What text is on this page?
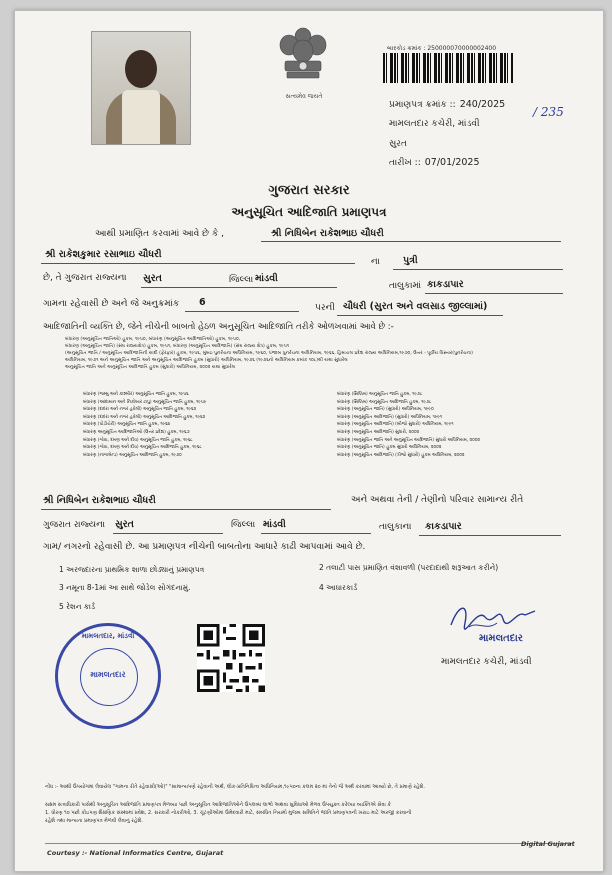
સત્યમેવ જયતે
બારકોડ ક્રમાંક : 250000070000002400
પ્રમાણપત્ર ક્રમાંક :: 240/2025
/ 235
મામલતદાર કચેરી, માંડવી
સુરત
તારીખ :: 07/01/2025
ગુજરાત સરકાર
અનુસૂચિત આદિજાતિ પ્રમાણપત્ર
આથી પ્રમાણિત કરવામાં આવે છે કે ,	શ્રી નિધિબેન રાકેશભાઇ ચૌધરી
શ્રી રાકેશકુમાર રસાભાઇ ચૌધરી
ના પુત્રી
છે, તે ગુજરાત રાજ્યના સુરત	જિલ્લા માંડવી
તાલુકામાં કાકડાપાર
ગામના રહેવાસી છે અને જે અનુક્રમાંક 6	પરની ચૌધરી (સુરત અને વલસાડ જીલ્લામાં)
આદિજાતિની વ્યક્તિ છે, જેને નીચેની બાબતો હેઠળ અનુસૂચિત આદિજાતિ તરીકે ઓળખવામાં આવે છે :-
બંધારણ (અનુસૂચિત જાતિઓ) હુકમ, ૧૯૫૦, બંધારણ (અનુસૂચિત આદિજાતિઓ) હુકમ, ૧૯૫૦,
બંધારણ (અનુસૂચિત જાતિ) (સંઘ રાજ્યક્ષેત્ર) હુકમ, ૧૯૫૧, બંધારણ (અનુસૂચિત આદિજાતિ) (સંઘ રાજ્ય ક્ષેત્ર) હુકમ, ૧૯૫૧
(અનુસૂચિત જાતિ / અનુસૂચિત આદિજાતિની યાદી (ફેરફાર) હુકમ, ૧૯૫૬, મુંબઇ પુનર્રચના અધિનિયમ, ૧૯૬૦, પંજાબ પુનર્રચના અધિનિયમ, ૧૯૬૬, હિમાચલ પ્રદેશ રાજ્ય અધિનિયમ,૧૯૭૦, ઉત્તર - પૂર્વીય વિસ્તાર(પુનર્રચના)
અધિનિયમ, ૧૯૭૧ અને અનુસૂચિત જાતિ અને અનુસૂચિત આદિજાતિ હુકમ (સુધારો) અધિનિયમ, ૧૯૭૬ (૧૯૭૬નો અધિનિયમ ક્રમાંક ૧૦૮)થી યથા સુધારેલ
અનુસૂચિત જાતિ અને અનુસૂચિત આદિજાતિ હુકમ (સુધારો) અધિનિયમ, ૨૦૦૨ યથા સુધારેલ
બંધારણ (જમ્મુ અને કાશ્મીર) અનુસૂચિત જાતિ હુકમ, ૧૯૫૬
બંધારણ (આંદામાન અને નિકોબાર ટાપુ) અનુસૂચિત જાતિ હુકમ, ૧૯૫૯
બંધારણ (દાદરા અને નગર હવેલી) અનુસૂચિત જાતિ હુકમ, ૧૯૬૨
બંધારણ (દાદરા અને નગર હવેલી) અનુસૂચિત આદિજાતિ હુકમ, ૧૯૬૨
બંધારણ (પોંડીચેરી) અનુસૂચિત જાતિ હુકમ, ૧૯૬૪
બંધારણ અનુસૂચિત આદિજાતિઓ (ઉત્તર પ્રદેશ) હુકમ, ૧૯૬૭
બંધારણ (ગોવા, દમણ અને દીવ) અનુસૂચિત જાતિ હુકમ, ૧૯૬૮
બંધારણ (ગોવા, દમણ અને દીવ) અનુસૂચિત આદિજાતિ હુકમ, ૧૯૬૮
બંધારણ (નાગાલેન્ડ) અનુસૂચિત આદિજાતિ હુકમ, ૧૯૭૦
બંધારણ (સિક્કિમ) અનુસૂચિત જાતિ હુકમ, ૧૯૭૮
બંધારણ (સિક્કિમ) અનુસૂચિત આદિજાતિ હુકમ, ૧૯૭૮
બંધારણ (અનુસૂચિત જાતિ) (સુધારો) અધિનિયમ, ૧૯૯૦
બંધારણ (અનુસૂચિત આદિજાતિ) (સુધારો) અધિનિયમ, ૧૯૯૧
બંધારણ (અનુસૂચિત આદિજાતિ) (બીજો સુધારો) અધિનિયમ, ૧૯૯૧
બંધારણ (અનુસૂચિત આદિજાતિ) સુધારો, ૨૦૦૨
બંધારણ (અનુસૂચિત જાતિ અને અનુસૂચિત આદિજાતિ) સુધારો અધિનિયમ, ૨૦૦૨
બંધારણ (અનુસૂચિત જાતિ) હુકમ સુધારો અધિનિયમ, ૨૦૦૨
બંધારણ (અનુસૂચિત આદિજાતિ) (ત્રીજો સુધારો) હુકમ અધિનિયમ, ૨૦૦૨
શ્રી નિધિબેન રાકેશભાઇ ચૌધરી	અને અથવા તેની / તેણીનો પરિવાર સામાન્ય રીતે
ગુજરાત રાજ્યના સુરત	જિલ્લા માંડવી	તાલુકાના કાકડાપાર
ગામ/ નગરનો રહેવાસી છે. આ પ્રમાણપત્ર નીચેની બાબતોના આધારે કાઢી આપવામાં આવે છે.
1 અરજદારના પ્રાથમિક શાળા છોડ્યાનું પ્રમાણપત્ર	2 તલાટી પાસ પ્રમાણિત વંશાવળી (પરદાદાથી શરૂઆત કરીને)
3 નમૂના 8-1માં આ સાથે જોડેલ સોગંદનામું.	4 આધારકાર્ડ
5 રેશન કાર્ડ
મામલતદાર, માંડવી
મામલતદાર
મામલતદાર
મામલતદાર કચેરી, માંડવી
નોંધ :- આથી ઉપયોગમાં લેવાયેલ "ગામના રીતે રહેવાસી(ઓ)" "સામાન્યપણે રહેવાની અર્થ, લોક-પ્રતિનિધિત્વ અધિનિયમ,૧૯૫૦ના કલમ ૨૦ માં તેનો જે અર્થ કરવામાં આવ્યો છે, તે પ્રમાણે રહેશે.
સક્ષમ સત્તાધિકારી પાસેથી અનુસૂચિત આદિજાતિ પ્રમાણપત્ર મેળવ્યા પછી અનુસૂચિત આદિજાતિઓને ઉપલબ્ધ લાભો અથવા સુવિધાઓ મેળવ ઉપયુક્ત કરેલ્યા વ્યક્તિએ સેવા કે
1. ધોરણ ૧૦ પછી કોઇપણ શૈક્ષણિક સંસ્થામાં પ્રવેશ, 2. સરકારી નોકરીઓ, 3. ચૂંટણીઓમાં ઉમેદવારી માટે, સંબંધિત નિયમો મુજબ સમિતિને જાતિ પ્રમાણપત્રની ખરાઇ માટે અરજી કરવાની
રહેશે તથા માન્યતા પ્રમાણપત્ર મેળવી લેવાનું રહેશે.
Courtesy :- National Informatics Centre, Gujarat
Digital Gujarat
